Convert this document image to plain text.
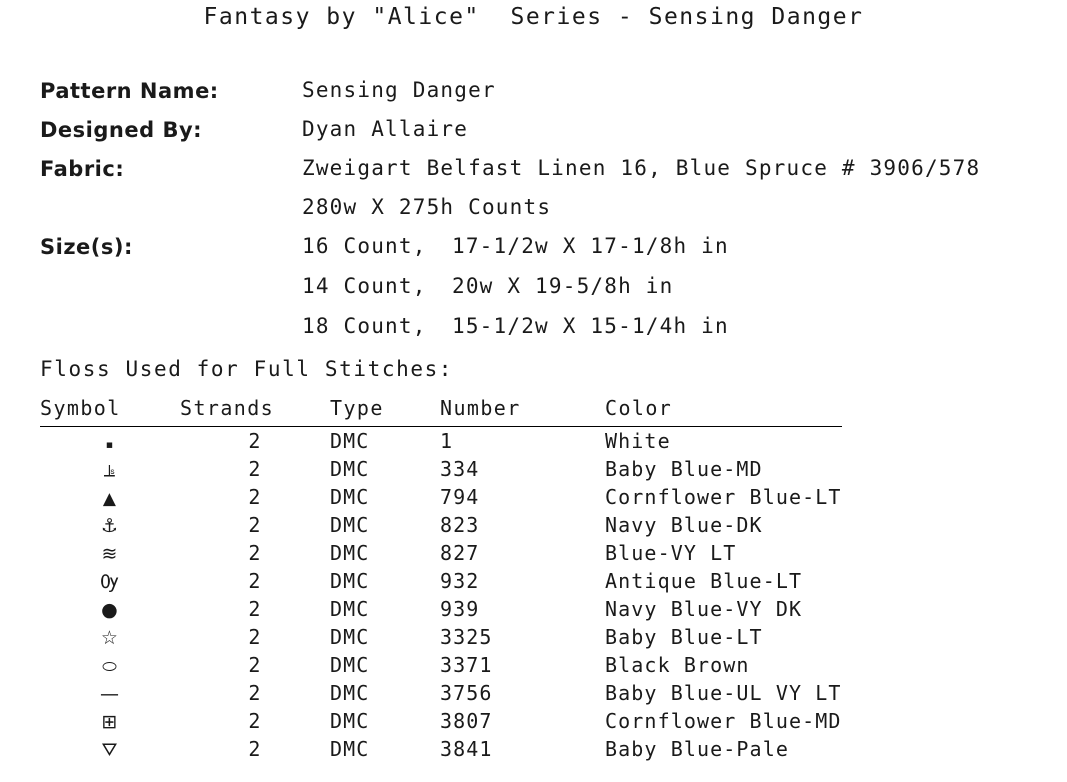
Fantasy by "Alice"  Series - Sensing Danger
Pattern Name:	Sensing Danger
Designed By:	Dyan Allaire
Fabric:	Zweigart Belfast Linen 16, Blue Spruce # 3906/578
280w X 275h Counts
Size(s):	16 Count,	17-1/2w X 17-1/8h in
14 Count,	20w X 19-5/8h in
18 Count,	15-1/2w X 15-1/4h in
Floss Used for Full Stitches:
Symbol	Strands	Type	Number	Color
▪	2	DMC	1	White
⫡	2	DMC	334	Baby Blue-MD
▲	2	DMC	794	Cornflower Blue-LT
⚓	2	DMC	823	Navy Blue-DK
≋	2	DMC	827	Blue-VY LT
Ѹ	2	DMC	932	Antique Blue-LT
●	2	DMC	939	Navy Blue-VY DK
☆	2	DMC	3325	Baby Blue-LT
⬭	2	DMC	3371	Black Brown
—	2	DMC	3756	Baby Blue-UL VY LT
⊞	2	DMC	3807	Cornflower Blue-MD
⛛	2	DMC	3841	Baby Blue-Pale
